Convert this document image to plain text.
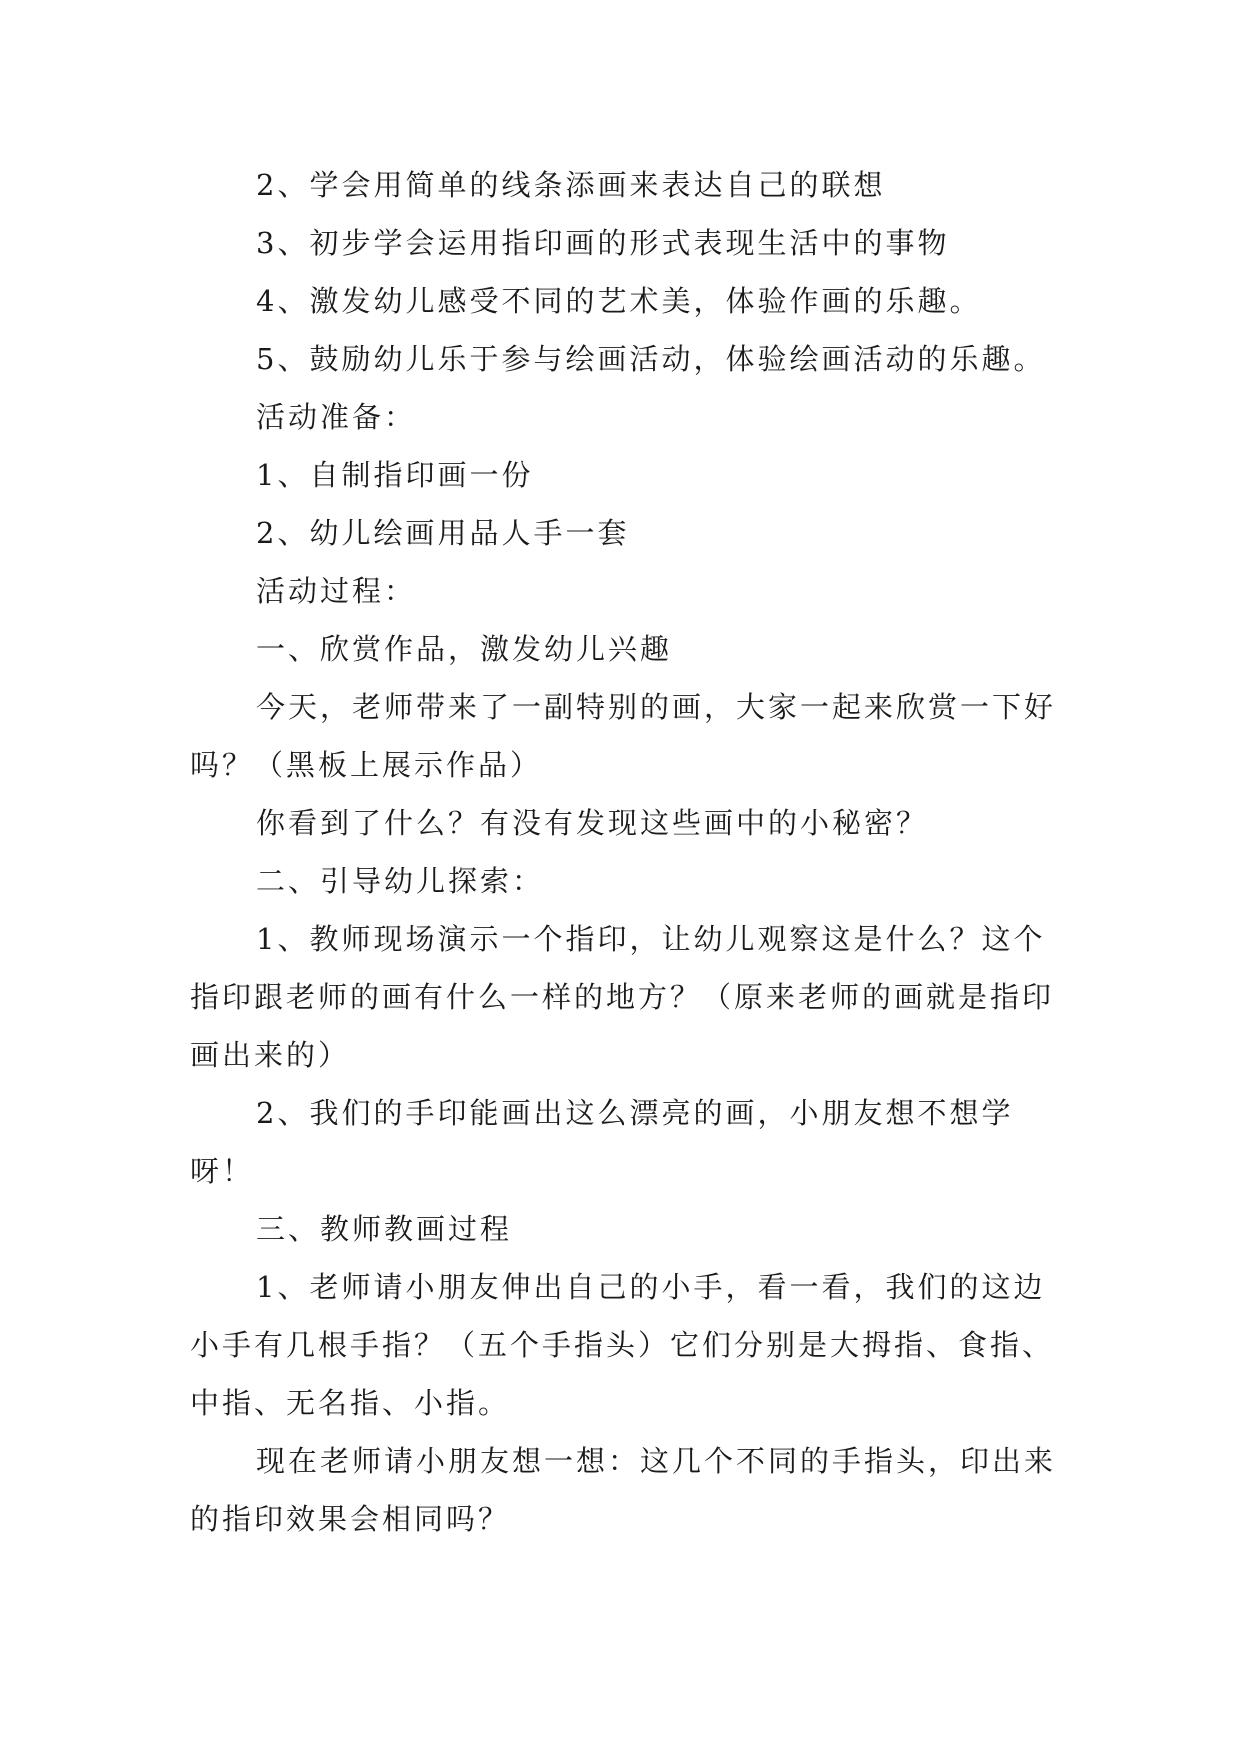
2、学会用简单的线条添画来表达自己的联想

3、初步学会运用指印画的形式表现生活中的事物

4、激发幼儿感受不同的艺术美，体验作画的乐趣。

5、鼓励幼儿乐于参与绘画活动，体验绘画活动的乐趣。

活动准备：

1、自制指印画一份

2、幼儿绘画用品人手一套

活动过程：

一、欣赏作品，激发幼儿兴趣

今天，老师带来了一副特别的画，大家一起来欣赏一下好吗？（黑板上展示作品）

你看到了什么？有没有发现这些画中的小秘密？

二、引导幼儿探索：

1、教师现场演示一个指印，让幼儿观察这是什么？这个指印跟老师的画有什么一样的地方？（原来老师的画就是指印画出来的）

2、我们的手印能画出这么漂亮的画，小朋友想不想学呀！

三、教师教画过程

1、老师请小朋友伸出自己的小手，看一看，我们的这边小手有几根手指？（五个手指头）它们分别是大拇指、食指、中指、无名指、小指。

现在老师请小朋友想一想：这几个不同的手指头，印出来的指印效果会相同吗？
